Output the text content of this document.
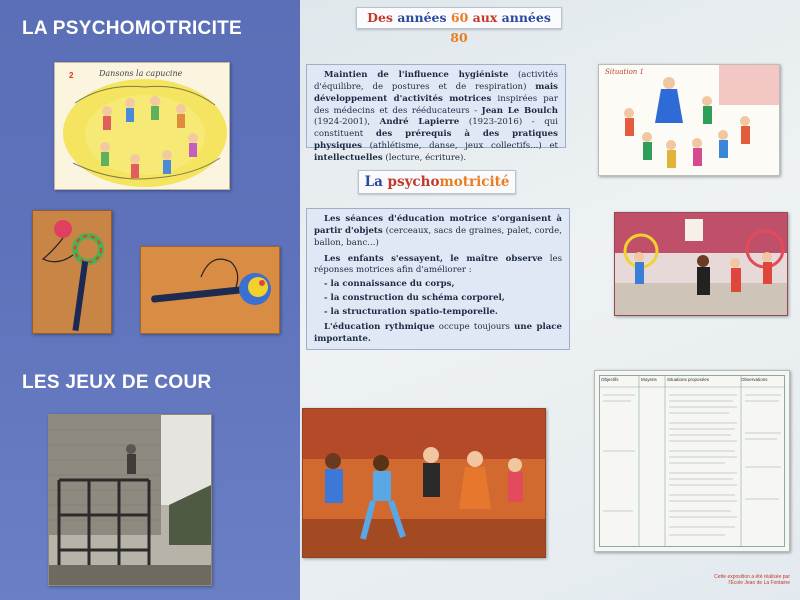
LA PSYCHOMOTRICITE
2	Dansons la capucine
LES JEUX DE COUR
Des années 60 aux années 80

Maintien de l'influence hygiéniste (activités d'équilibre, de postures et de respiration) mais développement d'activités motrices inspirées par des médecins et des rééducateurs - Jean Le Boulch (1924-2001), André Lapierre (1923-2016) - qui constituent des prérequis à des pratiques physiques (athlétisme, danse, jeux collectifs...) et intellectuelles (lecture, écriture).

La psychomotricité

Les séances d'éducation motrice s'organisent à partir d'objets (cerceaux, sacs de graines, palet, corde, ballon, banc...)

Les enfants s'essayent, le maître observe les réponses motrices afin d'améliorer :

- la connaissance du corps,
- la construction du schéma corporel,
- la structuration spatio-temporelle.

L'éducation rythmique occupe toujours une place importante.

Situation 1
Objectifs	Moyens	Situations proposées	Observations
Cette exposition a été réalisée par l'École Jean de La Fontaine
